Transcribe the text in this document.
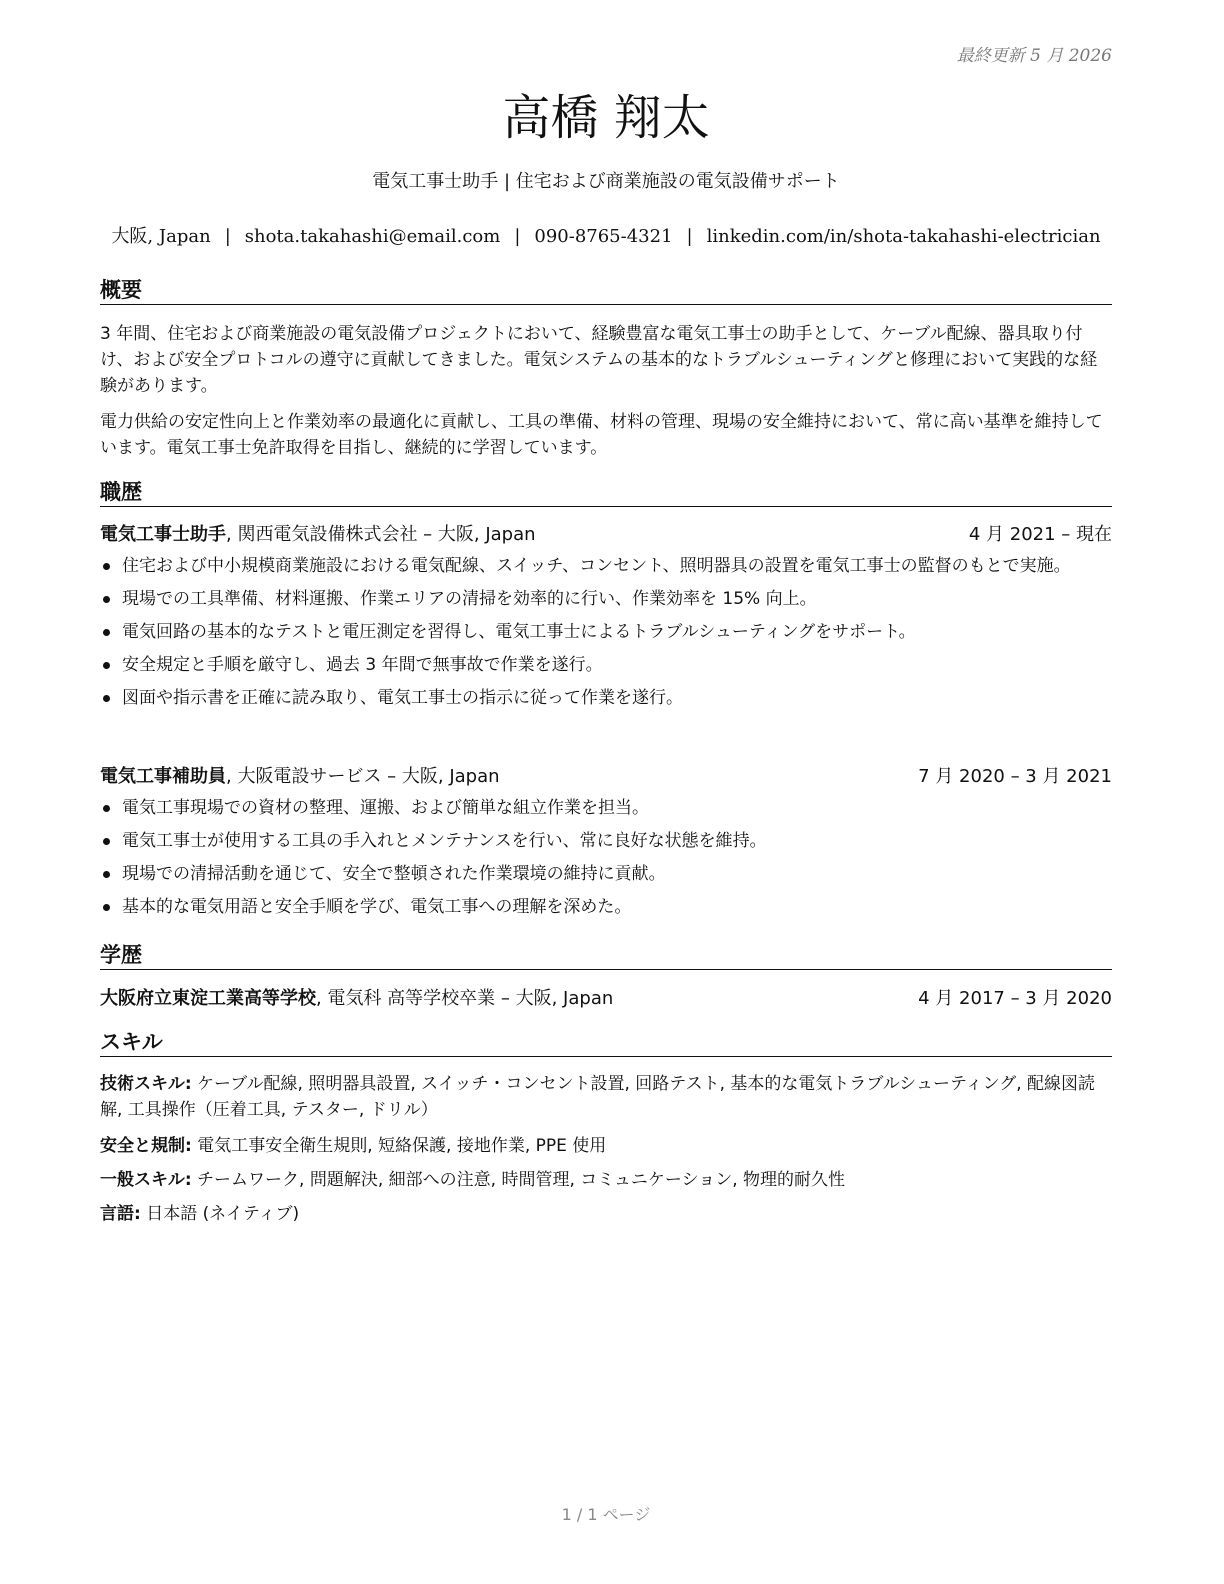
最終更新 5 月 2026
高橋 翔太
電気工事士助手 | 住宅および商業施設の電気設備サポート
大阪, Japan | shota.takahashi@email.com | 090-8765-4321 | linkedin.com/in/shota-takahashi-electrician
概要

3 年間、住宅および商業施設の電気設備プロジェクトにおいて、経験豊富な電気工事士の助手として、ケーブル配線、器具取り付け、および安全プロトコルの遵守に貢献してきました。電気システムの基本的なトラブルシューティングと修理において実践的な経験があります。

電力供給の安定性向上と作業効率の最適化に貢献し、工具の準備、材料の管理、現場の安全維持において、常に高い基準を維持しています。電気工事士免許取得を目指し、継続的に学習しています。

職歴
電気工事士助手, 関西電気設備株式会社 – 大阪, Japan	4 月 2021 – 現在
住宅および中小規模商業施設における電気配線、スイッチ、コンセント、照明器具の設置を電気工事士の監督のもとで実施。
現場での工具準備、材料運搬、作業エリアの清掃を効率的に行い、作業効率を 15% 向上。
電気回路の基本的なテストと電圧測定を習得し、電気工事士によるトラブルシューティングをサポート。
安全規定と手順を厳守し、過去 3 年間で無事故で作業を遂行。
図面や指示書を正確に読み取り、電気工事士の指示に従って作業を遂行。
電気工事補助員, 大阪電設サービス – 大阪, Japan	7 月 2020 – 3 月 2021
電気工事現場での資材の整理、運搬、および簡単な組立作業を担当。
電気工事士が使用する工具の手入れとメンテナンスを行い、常に良好な状態を維持。
現場での清掃活動を通じて、安全で整頓された作業環境の維持に貢献。
基本的な電気用語と安全手順を学び、電気工事への理解を深めた。
学歴
大阪府立東淀工業高等学校, 電気科 高等学校卒業 – 大阪, Japan	4 月 2017 – 3 月 2020
スキル
技術スキル: ケーブル配線, 照明器具設置, スイッチ・コンセント設置, 回路テスト, 基本的な電気トラブルシューティング, 配線図読解, 工具操作（圧着工具, テスター, ドリル）
安全と規制: 電気工事安全衛生規則, 短絡保護, 接地作業, PPE 使用
一般スキル: チームワーク, 問題解決, 細部への注意, 時間管理, コミュニケーション, 物理的耐久性
言語: 日本語 (ネイティブ)
1 / 1 ページ
